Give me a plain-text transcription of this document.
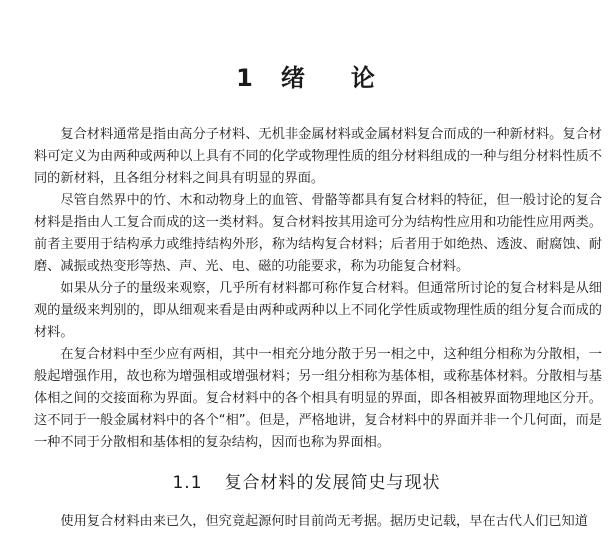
1 绪 论

复合材料通常是指由高分子材料、无机非金属材料或金属材料复合而成的一种新材料。复合材料可定义为由两种或两种以上具有不同的化学或物理性质的组分材料组成的一种与组分材料性质不同的新材料，且各组分材料之间具有明显的界面。

尽管自然界中的竹、木和动物身上的血管、骨骼等都具有复合材料的特征，但一般讨论的复合材料是指由人工复合而成的这一类材料。复合材料按其用途可分为结构性应用和功能性应用两类。前者主要用于结构承力或维持结构外形，称为结构复合材料；后者用于如绝热、透波、耐腐蚀、耐磨、减振或热变形等热、声、光、电、磁的功能要求，称为功能复合材料。

如果从分子的量级来观察，几乎所有材料都可称作复合材料。但通常所讨论的复合材料是从细观的量级来判别的，即从细观来看是由两种或两种以上不同化学性质或物理性质的组分复合而成的材料。

在复合材料中至少应有两相，其中一相充分地分散于另一相之中，这种组分相称为分散相，一般起增强作用，故也称为增强相或增强材料；另一组分相称为基体相，或称基体材料。分散相与基体相之间的交接面称为界面。复合材料中的各个相具有明显的界面，即各相被界面物理地区分开。这不同于一般金属材料中的各个“相”。但是，严格地讲，复合材料中的界面并非一个几何面，而是一种不同于分散相和基体相的复杂结构，因而也称为界面相。

1.1 复合材料的发展简史与现状

使用复合材料由来已久，但究竟起源何时目前尚无考据。据历史记载，早在古代人们已知道
